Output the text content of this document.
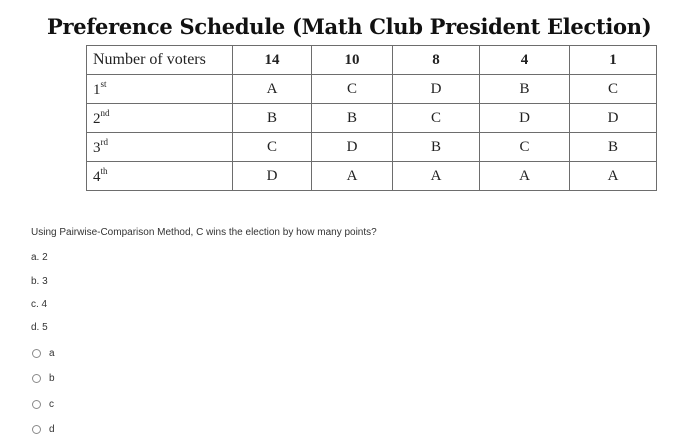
Preference Schedule (Math Club President Election)
Number of voters	14	10	8	4	1
1st	A	C	D	B	C
2nd	B	B	C	D	D
3rd	C	D	B	C	B
4th	D	A	A	A	A
Using Pairwise-Comparison Method, C wins the election by how many points?
a. 2
b. 3
c. 4
d. 5
a
b
c
d
